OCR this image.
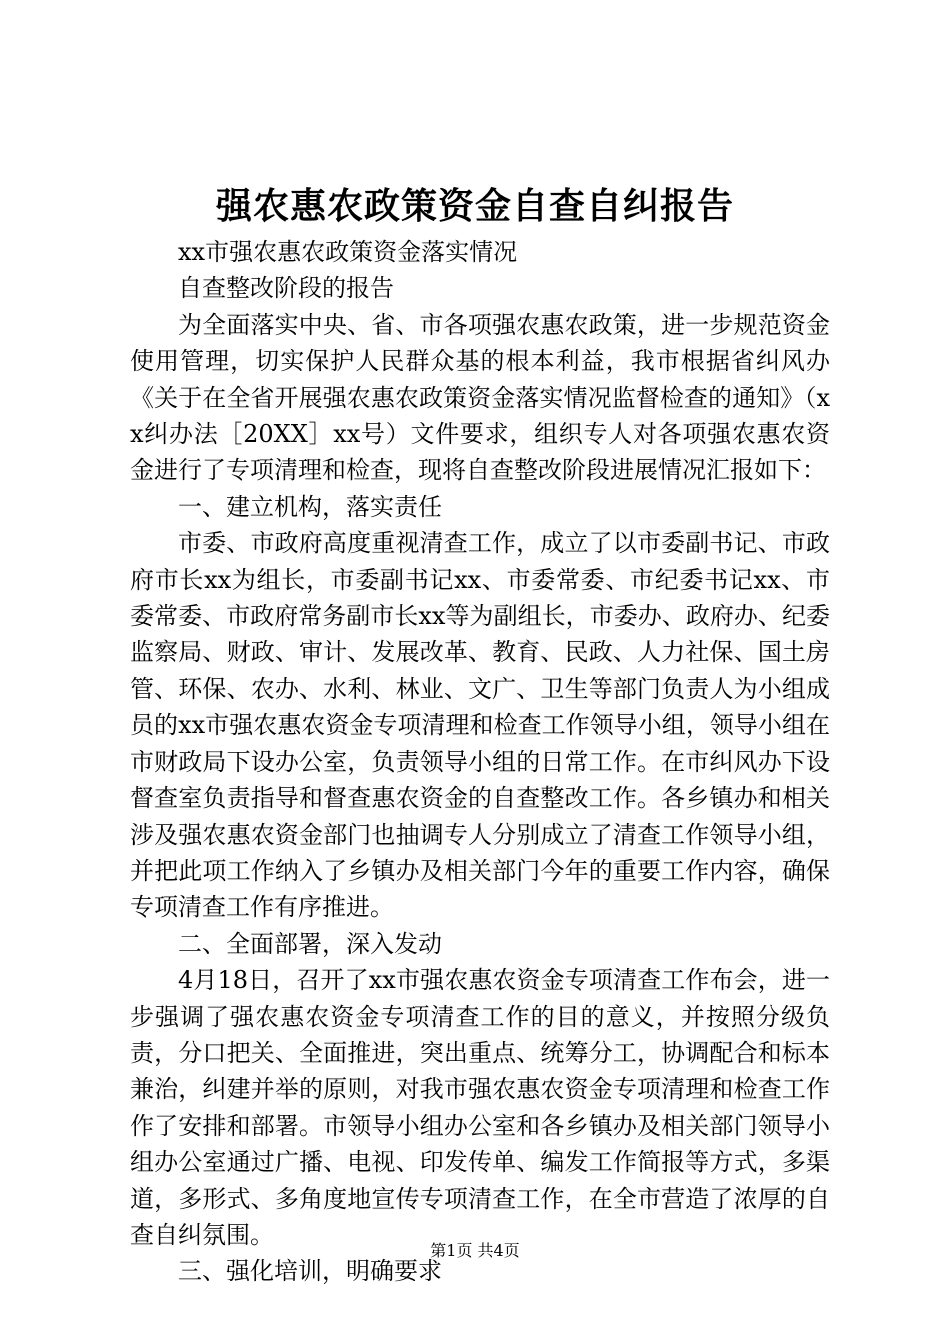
强农惠农政策资金自查自纠报告

xx市强农惠农政策资金落实情况

自查整改阶段的报告

为全面落实中央、省、市各项强农惠农政策，进一步规范资金使用管理，切实保护人民群众基的根本利益，我市根据省纠风办《关于在全省开展强农惠农政策资金落实情况监督检查的通知》（xx纠办法［20XX］xx号）文件要求，组织专人对各项强农惠农资金进行了专项清理和检查，现将自查整改阶段进展情况汇报如下：

一、建立机构，落实责任

市委、市政府高度重视清查工作，成立了以市委副书记、市政府市长xx为组长，市委副书记xx、市委常委、市纪委书记xx、市委常委、市政府常务副市长xx等为副组长，市委办、政府办、纪委监察局、财政、审计、发展改革、教育、民政、人力社保、国土房管、环保、农办、水利、林业、文广、卫生等部门负责人为小组成员的xx市强农惠农资金专项清理和检查工作领导小组，领导小组在市财政局下设办公室，负责领导小组的日常工作。在市纠风办下设督查室负责指导和督查惠农资金的自查整改工作。各乡镇办和相关涉及强农惠农资金部门也抽调专人分别成立了清查工作领导小组，并把此项工作纳入了乡镇办及相关部门今年的重要工作内容，确保专项清查工作有序推进。

二、全面部署，深入发动

4月18日，召开了xx市强农惠农资金专项清查工作布会，进一步强调了强农惠农资金专项清查工作的目的意义，并按照分级负责，分口把关、全面推进，突出重点、统筹分工，协调配合和标本兼治，纠建并举的原则，对我市强农惠农资金专项清理和检查工作作了安排和部署。市领导小组办公室和各乡镇办及相关部门领导小组办公室通过广播、电视、印发传单、编发工作简报等方式，多渠道，多形式、多角度地宣传专项清查工作，在全市营造了浓厚的自查自纠氛围。

三、强化培训，明确要求

第1页 共4页
